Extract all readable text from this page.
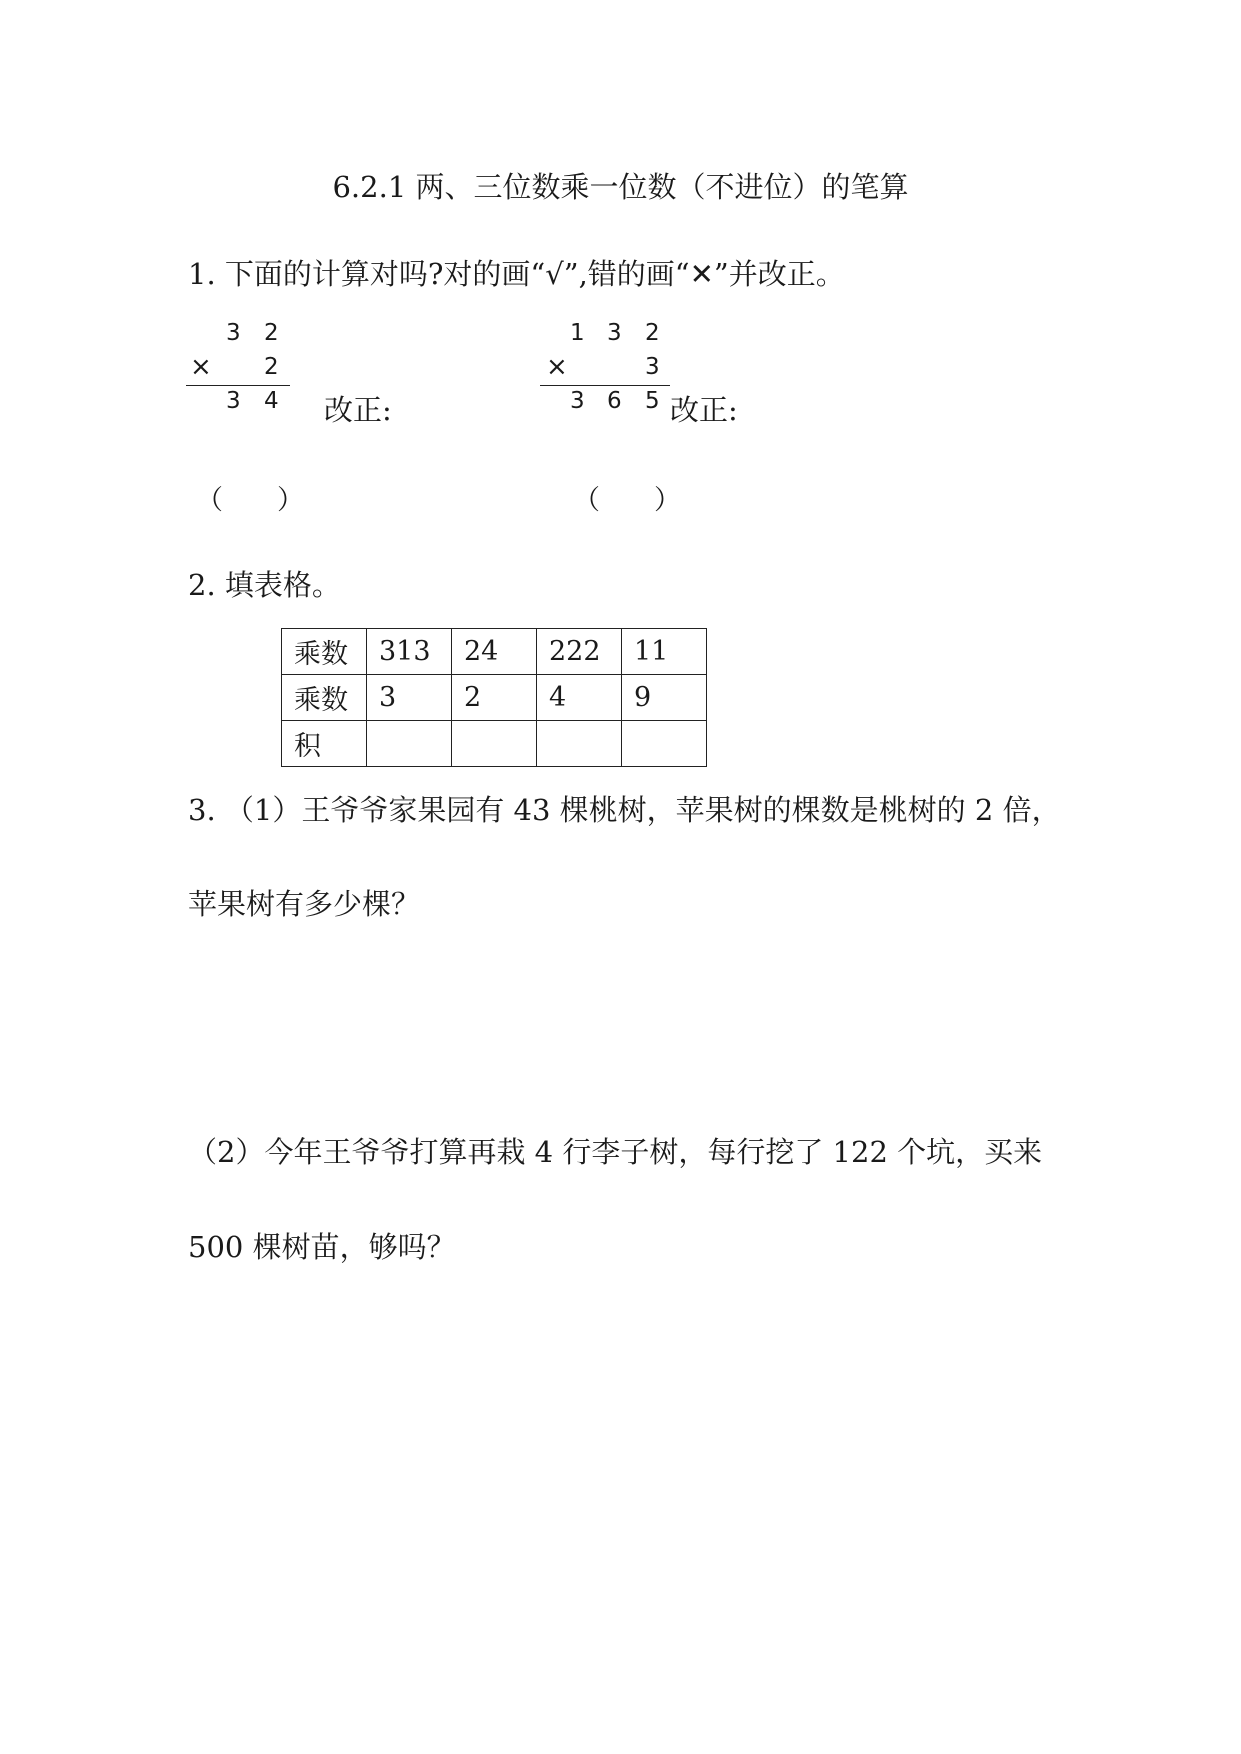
6.2.1 两、三位数乘一位数（不进位）的笔算
1. 下面的计算对吗?对的画“√”,错的画“✕”并改正。
3 2
× 2
3 4 改正:
1 3 2
×	3
3 6 5 改正:
（　　）	（　　）
2. 填表格。
乘数	313	24	222	11
乘数	3	2	4	9
积				
3. （1）王爷爷家果园有 43 棵桃树，苹果树的棵数是桃树的 2 倍，
苹果树有多少棵？
（2）今年王爷爷打算再栽 4 行李子树，每行挖了 122 个坑，买来
500 棵树苗，够吗？
